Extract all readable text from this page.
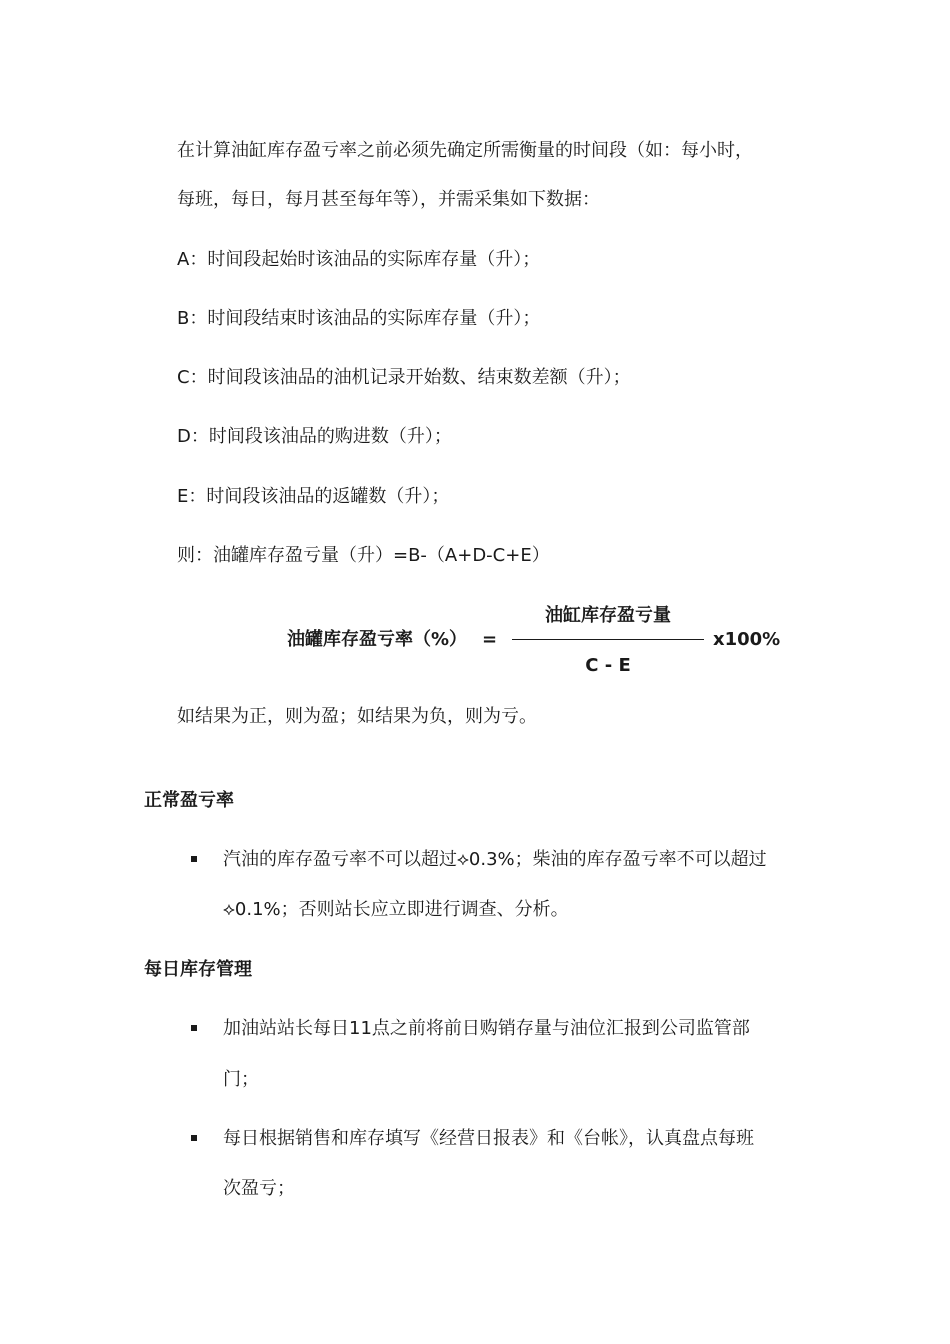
在计算油缸库存盈亏率之前必须先确定所需衡量的时间段（如：每小时，
每班，每日，每月甚至每年等），并需采集如下数据：
A：时间段起始时该油品的实际库存量（升）；
B：时间段结束时该油品的实际库存量（升）；
C：时间段该油品的油机记录开始数、结束数差额（升）；
D：时间段该油品的购进数（升）；
E：时间段该油品的返罐数（升）；
则：油罐库存盈亏量（升）=B-（A+D-C+E）
油罐库存盈亏率（%） =
油缸库存盈亏量
C - E
x100%
如结果为正，则为盈；如结果为负，则为亏。
正常盈亏率
汽油的库存盈亏率不可以超过⟡0.3%；柴油的库存盈亏率不可以超过
⟡0.1%；否则站长应立即进行调查、分析。
每日库存管理
加油站站长每日11点之前将前日购销存量与油位汇报到公司监管部
门；
每日根据销售和库存填写《经营日报表》和《台帐》，认真盘点每班
次盈亏；
